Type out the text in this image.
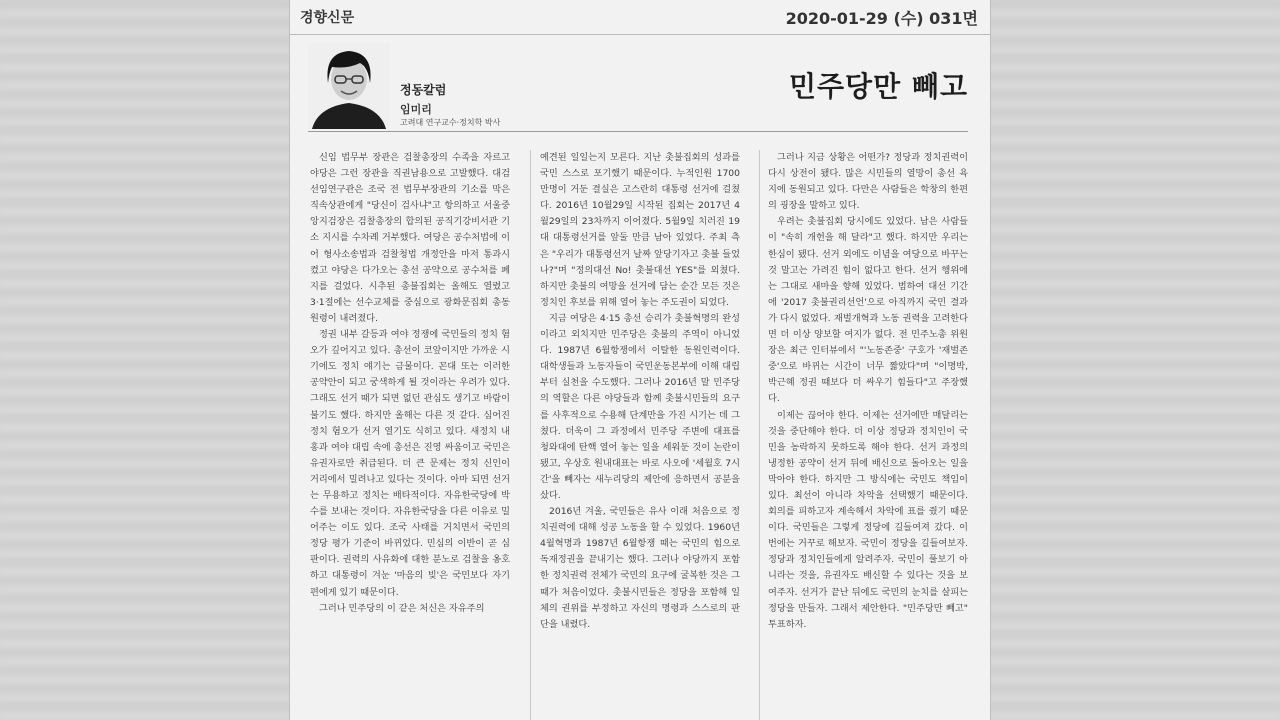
경향신문	2020-01-29 (수) 031면
정동칼럼
임미리
고려대 연구교수·정치학 박사
민주당만 빼고

신임 법무부 장관은 검찰총장의 수족을 자르고 야당은 그런 장관을 직권남용으로 고발했다. 대검 선임연구관은 조국 전 법무부장관의 기소를 막은 직속상관에게 "당신이 검사냐"고 항의하고 서울중앙지검장은 검찰총장의 합의된 공직기강비서관 기소 지시를 수차례 거부했다. 여당은 공수처법에 이어 형사소송법과 검찰청법 개정안을 마저 통과시켰고 야당은 다가오는 총선 공약으로 공수처를 폐지를 걸었다. 시추된 총불집회는 올해도 열렸고 3·1절에는 선수교체를 중심으로 광화문집회 총동원령이 내려졌다.

정권 내부 갈등과 여야 정쟁에 국민들의 정치 혐오가 깊어지고 있다. 총선이 코앞이지만 가까운 시기에도 정치 얘기는 금물이다. 꼰대 또는 이러한 공약안이 되고 궁색하게 될 것이라는 우려가 있다. 그래도 선거 때가 되면 없던 관심도 생기고 바람이 불기도 했다. 하지만 올해는 다른 것 같다. 심어진 정치 혐오가 선거 열기도 식히고 있다. 새정치 내홍과 여야 대립 속에 총선은 진영 싸움이고 국민은 유권자로만 취급된다. 더 큰 문제는 정치 신인이 거리에서 밀려나고 있다는 것이다. 아마 되면 선거는 무용하고 정치는 배타적이다. 자유한국당에 박수를 보내는 것이다. 자유한국당을 다른 이유로 밀어주는 이도 있다. 조국 사태를 거치면서 국민의 정당 평가 기준이 바뀌었다. 민심의 이반이 곧 심판이다. 권력의 사유화에 대한 분노로 검찰을 옹호하고 대통령이 겨눈 '마음의 빚'은 국민보다 자기 편에게 있기 때문이다.

그러나 민주당의 이 같은 처신은 자유주의

예견된 일일는지 모른다. 지난 촛불집회의 성과를 국민 스스로 포기했기 때문이다. 누적인원 1700만명이 거둔 결실은 고스란히 대통령 선거에 걸쳤다. 2016년 10월29일 시작된 집회는 2017년 4월29일의 23차까지 이어졌다. 5월9일 치러진 19대 대통령선거를 앞둘 만큼 남아 있었다. 주최 측은 "우리가 대통령선거 날짜 앞당기자고 촛불 들었나?"며 "정의대선 No! 촛불대선 YES"를 외쳤다. 하지만 촛불의 여망을 선거에 담는 순간 모든 것은 정치인 후보를 위해 열어 놓는 주도권이 되었다.

지금 여당은 4·15 총선 승리가 촛불혁명의 완성이라고 외치지만 민주당은 촛불의 주역이 아니었다. 1987년 6월항쟁에서 이탈한 동원인력이다. 대학생들과 노동자들이 국민운동본부에 이해 대립부터 실천을 수도했다. 그러나 2016년 말 민주당의 역할은 다른 야당들과 함께 촛불시민들의 요구를 사후적으로 수용해 단계만을 가진 시기는 데 그쳤다. 더욱이 그 과정에서 민주당 주변에 대표를 청와대에 탄핵 열어 놓는 일을 세워둔 것이 논란이 됐고, 우상호 원내대표는 바로 사오에 '세월호 7시간'을 빼자는 새누리당의 제안에 응하면서 공분을 샀다.

2016년 겨울, 국민들은 유사 이래 처음으로 정치권력에 대해 성공 노동을 할 수 있었다. 1960년 4월혁명과 1987년 6월항쟁 때는 국민의 힘으로 독재정권을 끝내기는 했다. 그러나 야당까지 포함한 정치권력 전체가 국민의 요구에 굴복한 것은 그때가 처음이었다. 촛불시민들은 정당을 포함해 일체의 권위를 부정하고 자신의 명령과 스스로의 판단을 내렸다.

그러나 지금 상황은 어떤가? 정당과 정치권력이 다시 상전이 됐다. 많은 시민들의 열망이 총선 욕지에 동원되고 있다. 다만은 사람들은 학창의 한편의 굉장을 말하고 있다.

우려는 촛불집회 당시에도 있었다. 남은 사람들이 "속히 개헌을 해 달라"고 했다. 하지만 우리는 한심이 됐다. 선거 외에도 이념을 여당으로 바꾸는 것 말고는 가려진 힘이 없다고 한다. 선거 행위에는 그대로 새마을 향해 있었다. 범하여 대선 기간에 '2017 촛불권리선언'으로 아직까지 국민 결과가 다시 없었다. 재벌개혁과 노동 권력을 고려한다면 더 이상 양보할 여지가 없다. 전 민주노총 위원장은 최근 인터뷰에서 "'노동존중' 구호가 '재벌존중'으로 바뀌는 시간이 너무 짧았다"며 "이명박, 박근혜 정권 때보다 더 싸우기 힘들다"고 주장했다.

이제는 끊어야 한다. 이제는 선거에만 매달리는 것을 중단해야 한다. 더 이상 정당과 정치인이 국민을 농락하지 못하도록 해야 한다. 선거 과정의 냉정한 공약이 선거 뒤에 배신으로 돌아오는 일을 막아야 한다. 하지만 그 방식에는 국민도 책임이 있다. 최선이 아니라 차악을 선택했기 때문이다. 회의를 피하고자 계속해서 차악에 표를 줬기 때문이다. 국민들은 그렇게 정당에 길들여져 갔다. 이번에는 거꾸로 해보자. 국민이 정당을 길들여보자. 정당과 정치인들에게 알려주자. 국민이 풀보기 아니라는 것을, 유권자도 배신할 수 있다는 것을 보여주자. 선거가 끝난 뒤에도 국민의 눈치를 살피는 정당을 만들자. 그래서 제안한다. "민주당만 빼고" 투표하자.
